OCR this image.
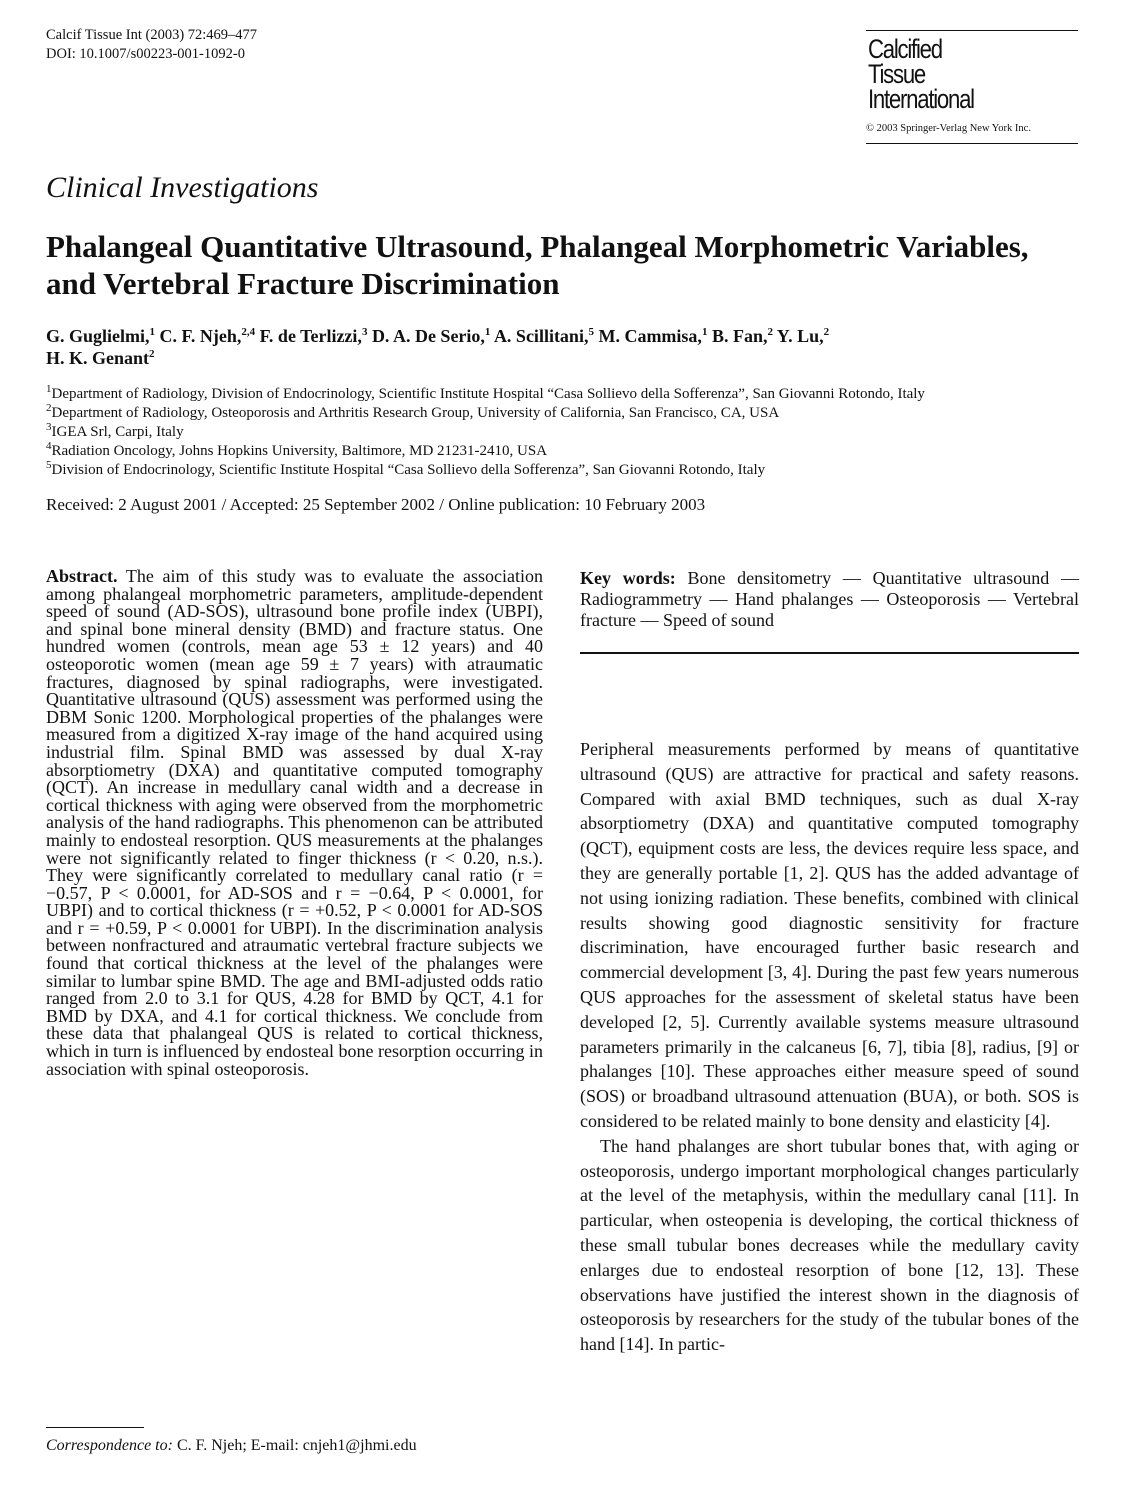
Calcif Tissue Int (2003) 72:469–477
DOI: 10.1007/s00223-001-1092-0	Calcified
Tissue
International
© 2003 Springer-Verlag New York Inc.
Clinical Investigations
Phalangeal Quantitative Ultrasound, Phalangeal Morphometric Variables, and Vertebral Fracture Discrimination
G. Guglielmi,$^1$ C. F. Njeh,$^{2,4}$ F. de Terlizzi,$^3$ D. A. De Serio,$^1$ A. Scillitani,$^5$ M. Cammisa,$^1$ B. Fan,$^2$ Y. Lu,$^2$
H. K. Genant$^2$
$^1$Department of Radiology, Division of Endocrinology, Scientific Institute Hospital “Casa Sollievo della Sofferenza”, San Giovanni Rotondo, Italy
$^2$Department of Radiology, Osteoporosis and Arthritis Research Group, University of California, San Francisco, CA, USA
$^3$IGEA Srl, Carpi, Italy
$^4$Radiation Oncology, Johns Hopkins University, Baltimore, MD 21231-2410, USA
$^5$Division of Endocrinology, Scientific Institute Hospital “Casa Sollievo della Sofferenza”, San Giovanni Rotondo, Italy
Received: 2 August 2001 / Accepted: 25 September 2002 / Online publication: 10 February 2003
Abstract. The aim of this study was to evaluate the association among phalangeal morphometric parameters, amplitude-dependent speed of sound (AD-SOS), ultrasound bone profile index (UBPI), and spinal bone mineral density (BMD) and fracture status. One hundred women (controls, mean age 53 ± 12 years) and 40 osteoporotic women (mean age 59 ± 7 years) with atraumatic fractures, diagnosed by spinal radiographs, were investigated. Quantitative ultrasound (QUS) assessment was performed using the DBM Sonic 1200. Morphological properties of the phalanges were measured from a digitized X-ray image of the hand acquired using industrial film. Spinal BMD was assessed by dual X-ray absorptiometry (DXA) and quantitative computed tomography (QCT). An increase in medullary canal width and a decrease in cortical thickness with aging were observed from the morphometric analysis of the hand radiographs. This phenomenon can be attributed mainly to endosteal resorption. QUS measurements at the phalanges were not significantly related to finger thickness (r < 0.20, n.s.). They were significantly correlated to medullary canal ratio (r = −0.57, P < 0.0001, for AD-SOS and r = −0.64, P < 0.0001, for UBPI) and to cortical thickness (r = +0.52, P < 0.0001 for AD-SOS and r = +0.59, P < 0.0001 for UBPI). In the discrimination analysis between nonfractured and atraumatic vertebral fracture subjects we found that cortical thickness at the level of the phalanges were similar to lumbar spine BMD. The age and BMI-adjusted odds ratio ranged from 2.0 to 3.1 for QUS, 4.28 for BMD by QCT, 4.1 for BMD by DXA, and 4.1 for cortical thickness. We conclude from these data that phalangeal QUS is related to cortical thickness, which in turn is influenced by endosteal bone resorption occurring in association with spinal osteoporosis.
Key words: Bone densitometry — Quantitative ultrasound — Radiogrammetry — Hand phalanges — Osteoporosis — Vertebral fracture — Speed of sound

Peripheral measurements performed by means of quantitative ultrasound (QUS) are attractive for practical and safety reasons. Compared with axial BMD techniques, such as dual X-ray absorptiometry (DXA) and quantitative computed tomography (QCT), equipment costs are less, the devices require less space, and they are generally portable [1, 2]. QUS has the added advantage of not using ionizing radiation. These benefits, combined with clinical results showing good diagnostic sensitivity for fracture discrimination, have encouraged further basic research and commercial development [3, 4]. During the past few years numerous QUS approaches for the assessment of skeletal status have been developed [2, 5]. Currently available systems measure ultrasound parameters primarily in the calcaneus [6, 7], tibia [8], radius, [9] or phalanges [10]. These approaches either measure speed of sound (SOS) or broadband ultrasound attenuation (BUA), or both. SOS is considered to be related mainly to bone density and elasticity [4].

The hand phalanges are short tubular bones that, with aging or osteoporosis, undergo important morphological changes particularly at the level of the metaphysis, within the medullary canal [11]. In particular, when osteopenia is developing, the cortical thickness of these small tubular bones decreases while the medullary cavity enlarges due to endosteal resorption of bone [12, 13]. These observations have justified the interest shown in the diagnosis of osteoporosis by researchers for the study of the tubular bones of the hand [14]. In partic-

Correspondence to: C. F. Njeh; E-mail: cnjeh1@jhmi.edu
